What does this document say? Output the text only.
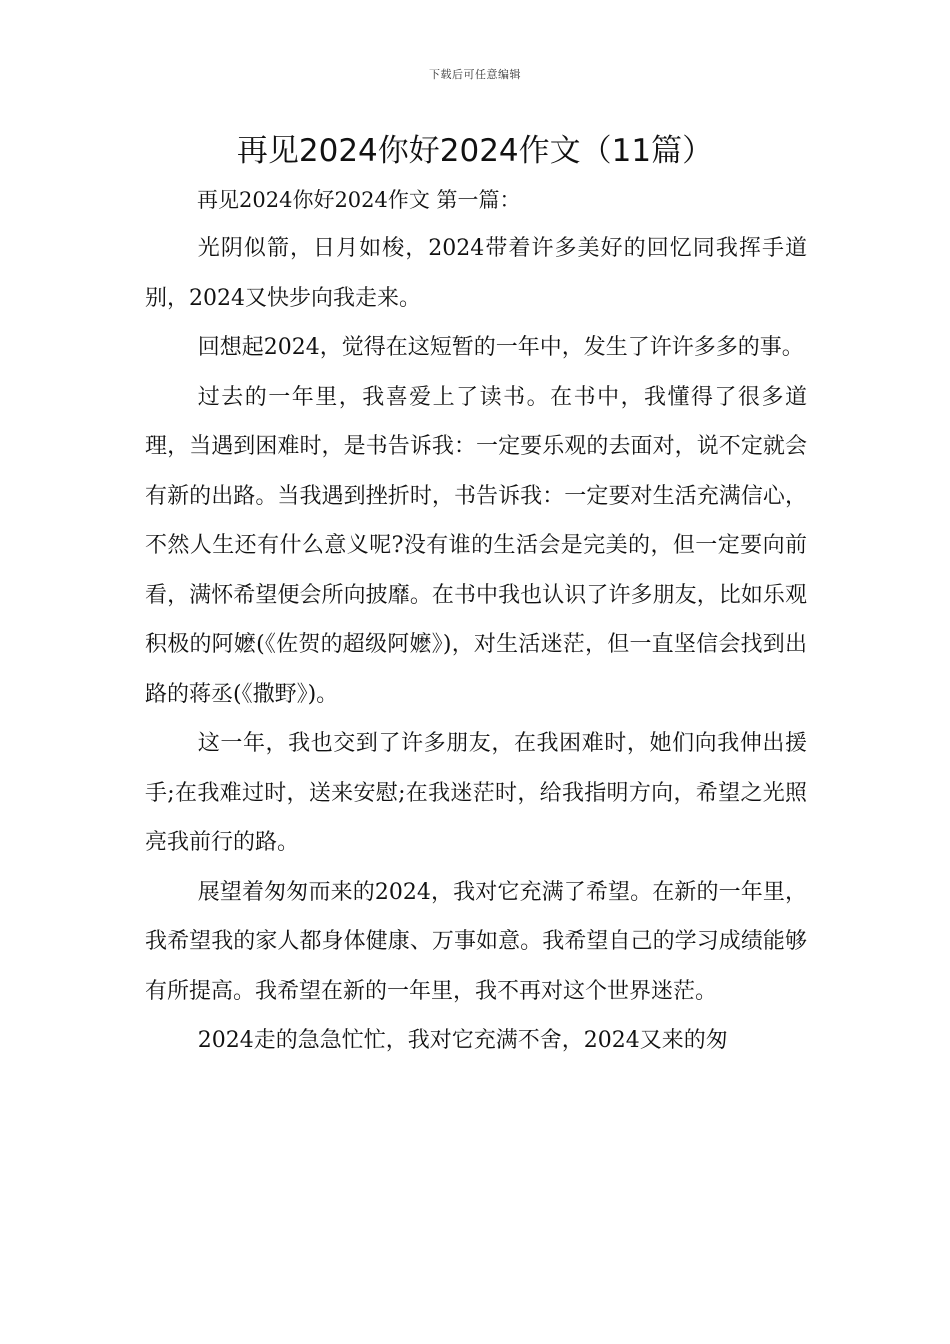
下载后可任意编辑
再见2024你好2024作文（11篇）
再见2024你好2024作文 第一篇：

光阴似箭，日月如梭，2024带着许多美好的回忆同我挥手道别，2024又快步向我走来。

回想起2024，觉得在这短暂的一年中，发生了许许多多的事。

过去的一年里，我喜爱上了读书。在书中，我懂得了很多道理，当遇到困难时，是书告诉我：一定要乐观的去面对，说不定就会有新的出路。当我遇到挫折时，书告诉我：一定要对生活充满信心，不然人生还有什么意义呢?没有谁的生活会是完美的，但一定要向前看，满怀希望便会所向披靡。在书中我也认识了许多朋友，比如乐观积极的阿嬷(《佐贺的超级阿嬷》)，对生活迷茫，但一直坚信会找到出路的蒋丞(《撒野》)。

这一年，我也交到了许多朋友，在我困难时，她们向我伸出援手;在我难过时，送来安慰;在我迷茫时，给我指明方向，希望之光照亮我前行的路。

展望着匆匆而来的2024，我对它充满了希望。在新的一年里，我希望我的家人都身体健康、万事如意。我希望自己的学习成绩能够有所提高。我希望在新的一年里，我不再对这个世界迷茫。

2024走的急急忙忙，我对它充满不舍，2024又来的匆
